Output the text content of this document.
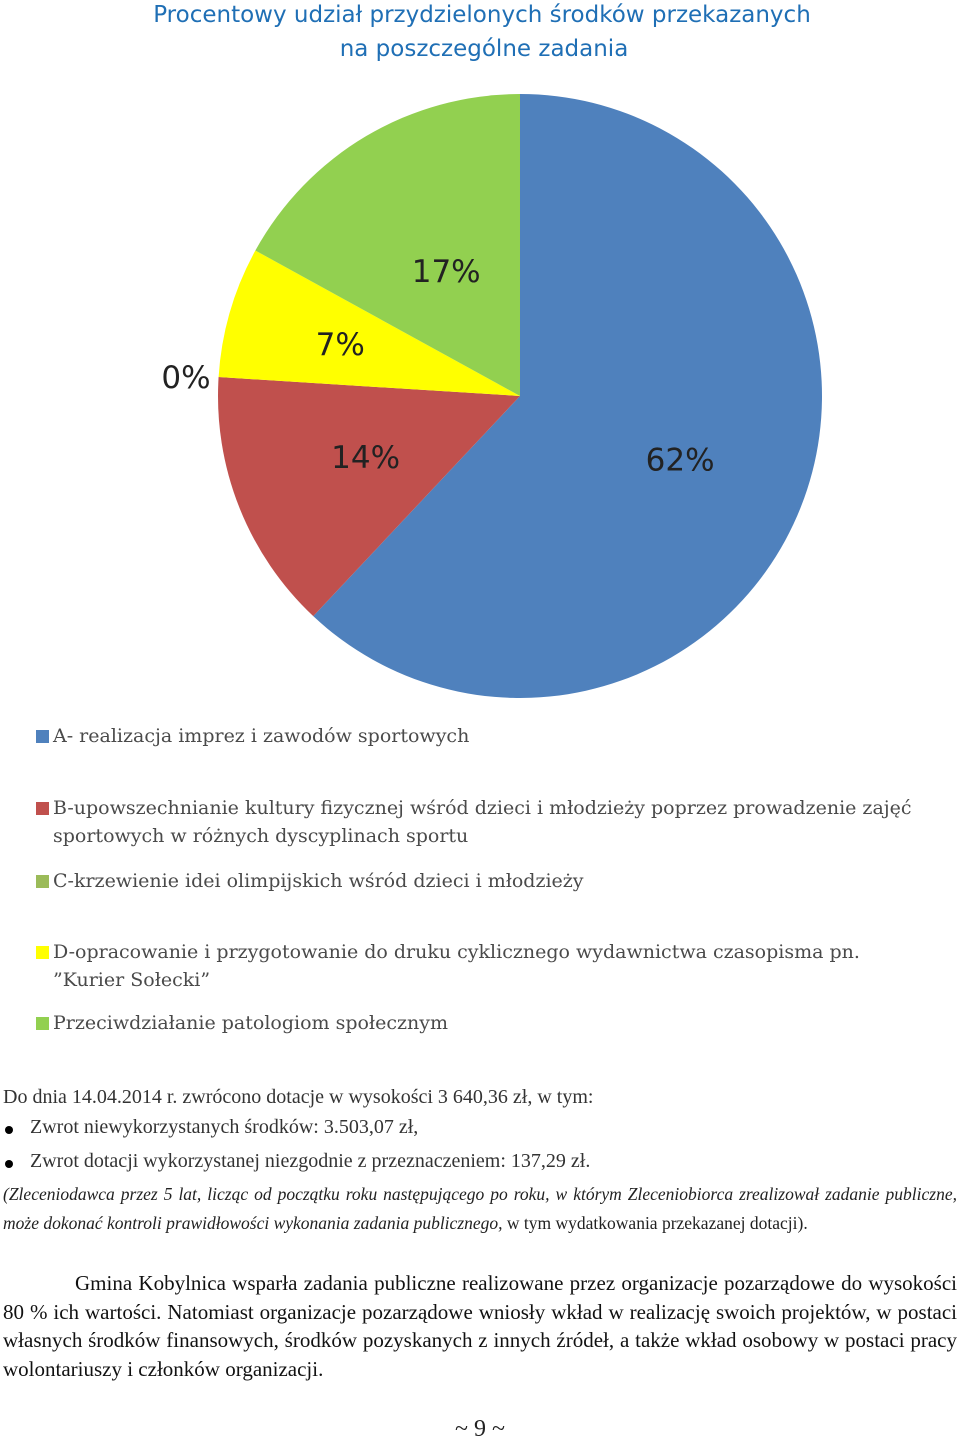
Procentowy udział przydzielonych środków przekazanych
na poszczególne zadania
62%
14%
0%
7%
17%
A- realizacja imprez i zawodów sportowych
B-upowszechnianie kultury fizycznej wśród dzieci i młodzieży poprzez prowadzenie zajęć sportowych w różnych dyscyplinach sportu
C-krzewienie idei olimpijskich wśród dzieci i młodzieży
D-opracowanie i przygotowanie do druku cyklicznego wydawnictwa czasopisma pn. ”Kurier Sołecki”
Przeciwdziałanie patologiom społecznym
Do dnia 14.04.2014 r. zwrócono dotacje w wysokości 3 640,36 zł, w tym:
Zwrot niewykorzystanych środków: 3.503,07 zł,
Zwrot dotacji wykorzystanej niezgodnie z przeznaczeniem: 137,29 zł.
(Zleceniodawca przez 5 lat, licząc od początku roku następującego po roku, w którym Zleceniobiorca zrealizował zadanie publiczne, może dokonać kontroli prawidłowości wykonania zadania publicznego, w tym wydatkowania przekazanej dotacji).
Gmina Kobylnica wsparła zadania publiczne realizowane przez organizacje pozarządowe do wysokości 80 % ich wartości. Natomiast organizacje pozarządowe wniosły wkład w realizację swoich projektów, w postaci własnych środków finansowych, środków pozyskanych z innych źródeł, a także wkład osobowy w postaci pracy wolontariuszy i członków organizacji.
~ 9 ~
